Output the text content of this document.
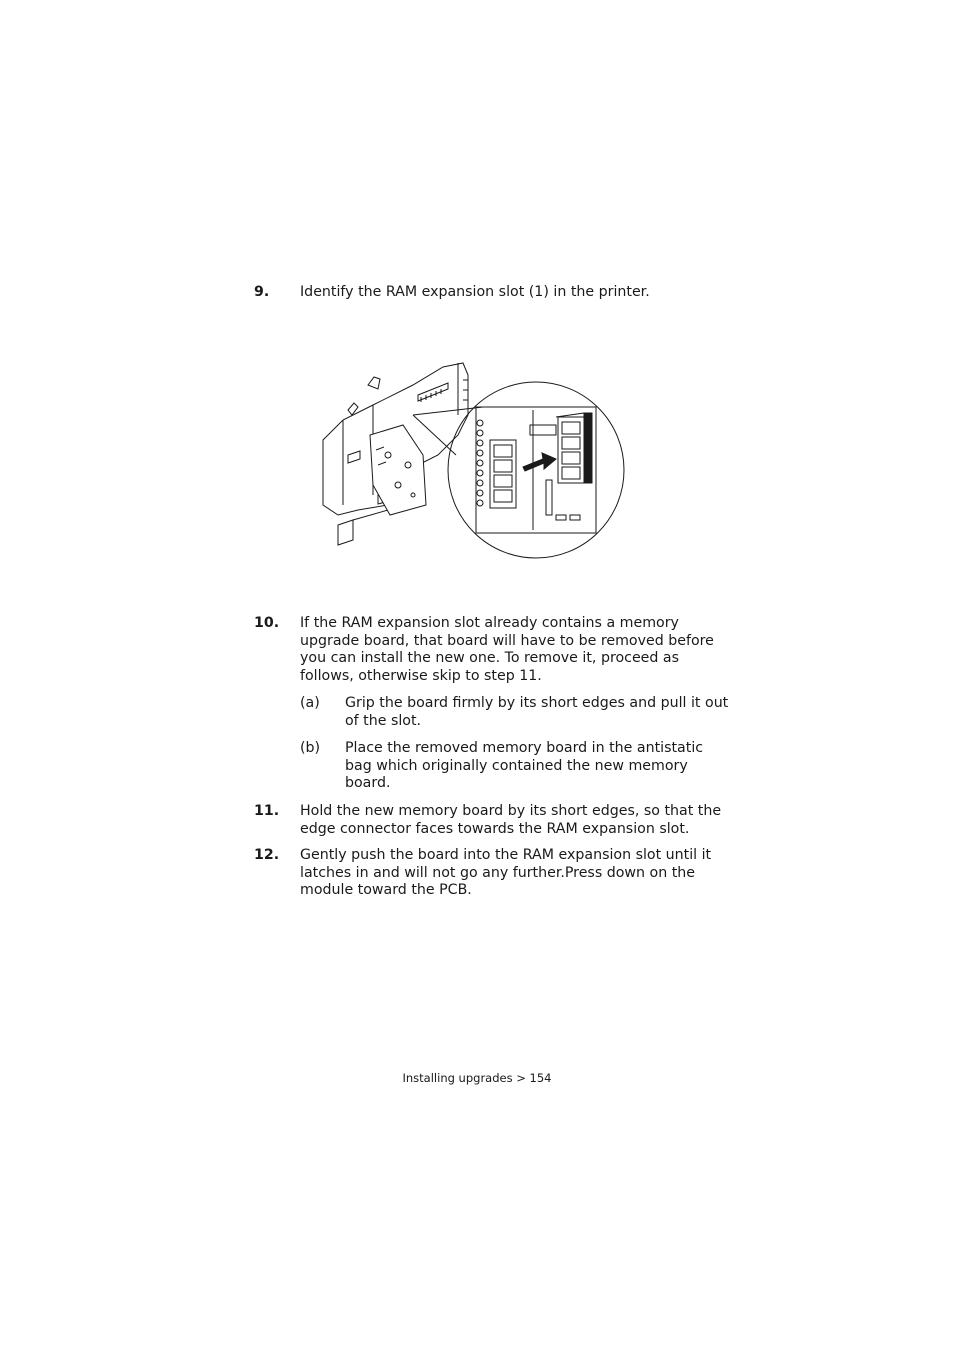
9. Identify the RAM expansion slot (1) in the printer.
10. If the RAM expansion slot already contains a memory upgrade board, that board will have to be removed before you can install the new one. To remove it, proceed as follows, otherwise skip to step 11.
(a) Grip the board firmly by its short edges and pull it out of the slot.
(b) Place the removed memory board in the antistatic bag which originally contained the new memory board.
11. Hold the new memory board by its short edges, so that the edge connector faces towards the RAM expansion slot.
12. Gently push the board into the RAM expansion slot until it latches in and will not go any further.Press down on the module toward the PCB.
Installing upgrades > 154
